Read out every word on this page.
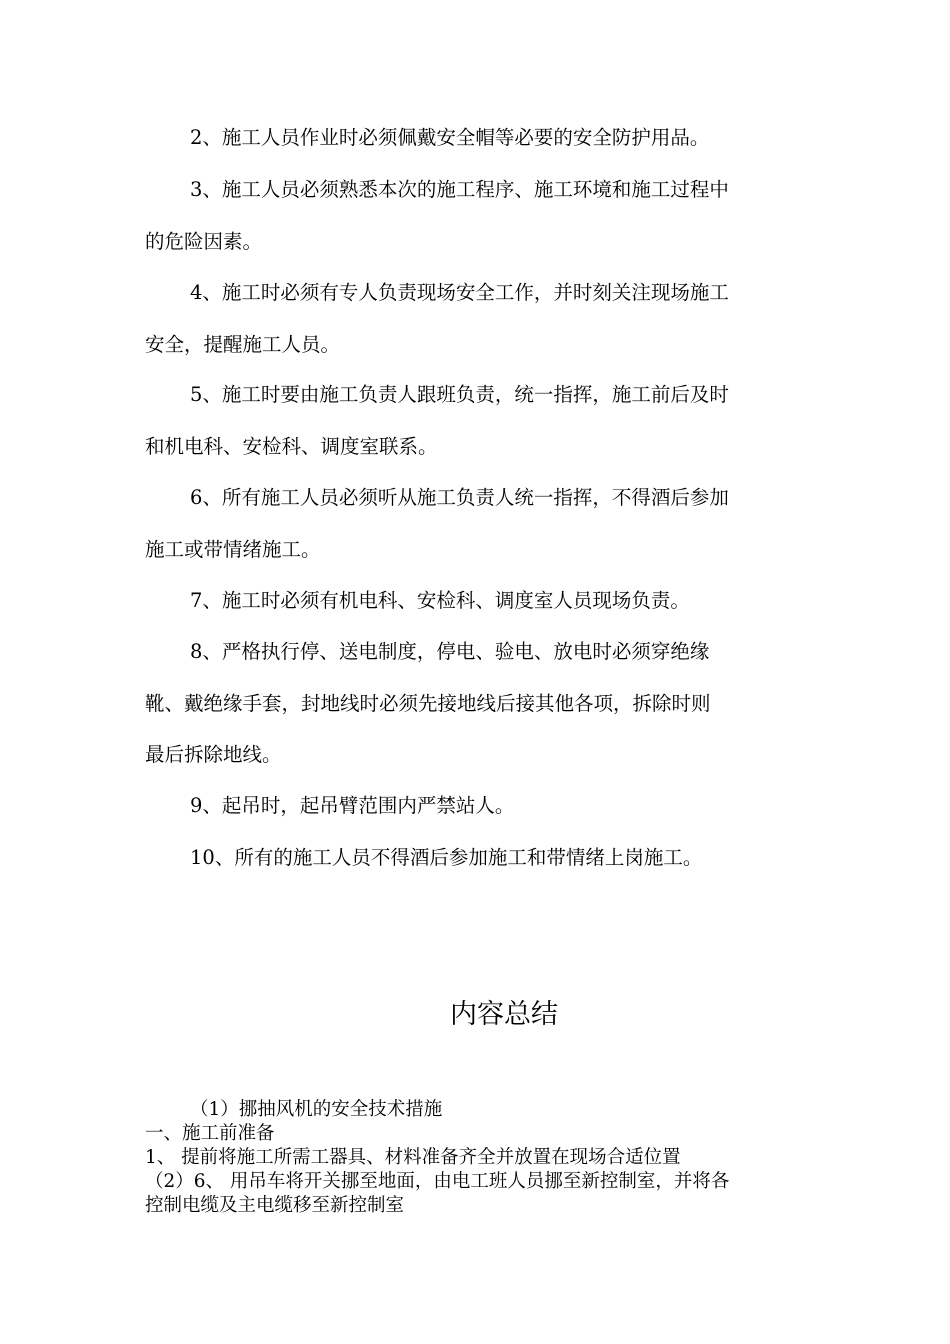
2、施工人员作业时必须佩戴安全帽等必要的安全防护用品。
3、施工人员必须熟悉本次的施工程序、施工环境和施工过程中
的危险因素。
4、施工时必须有专人负责现场安全工作，并时刻关注现场施工
安全，提醒施工人员。
5、施工时要由施工负责人跟班负责，统一指挥，施工前后及时
和机电科、安检科、调度室联系。
6、所有施工人员必须听从施工负责人统一指挥，不得酒后参加
施工或带情绪施工。
7、施工时必须有机电科、安检科、调度室人员现场负责。
8、严格执行停、送电制度，停电、验电、放电时必须穿绝缘
靴、戴绝缘手套，封地线时必须先接地线后接其他各项，拆除时则
最后拆除地线。
9、起吊时，起吊臂范围内严禁站人。
10、所有的施工人员不得酒后参加施工和带情绪上岗施工。
内容总结
（1）挪抽风机的安全技术措施
一、施工前准备
1、 提前将施工所需工器具、材料准备齐全并放置在现场合适位置
（2）6、 用吊车将开关挪至地面，由电工班人员挪至新控制室，并将各
控制电缆及主电缆移至新控制室
